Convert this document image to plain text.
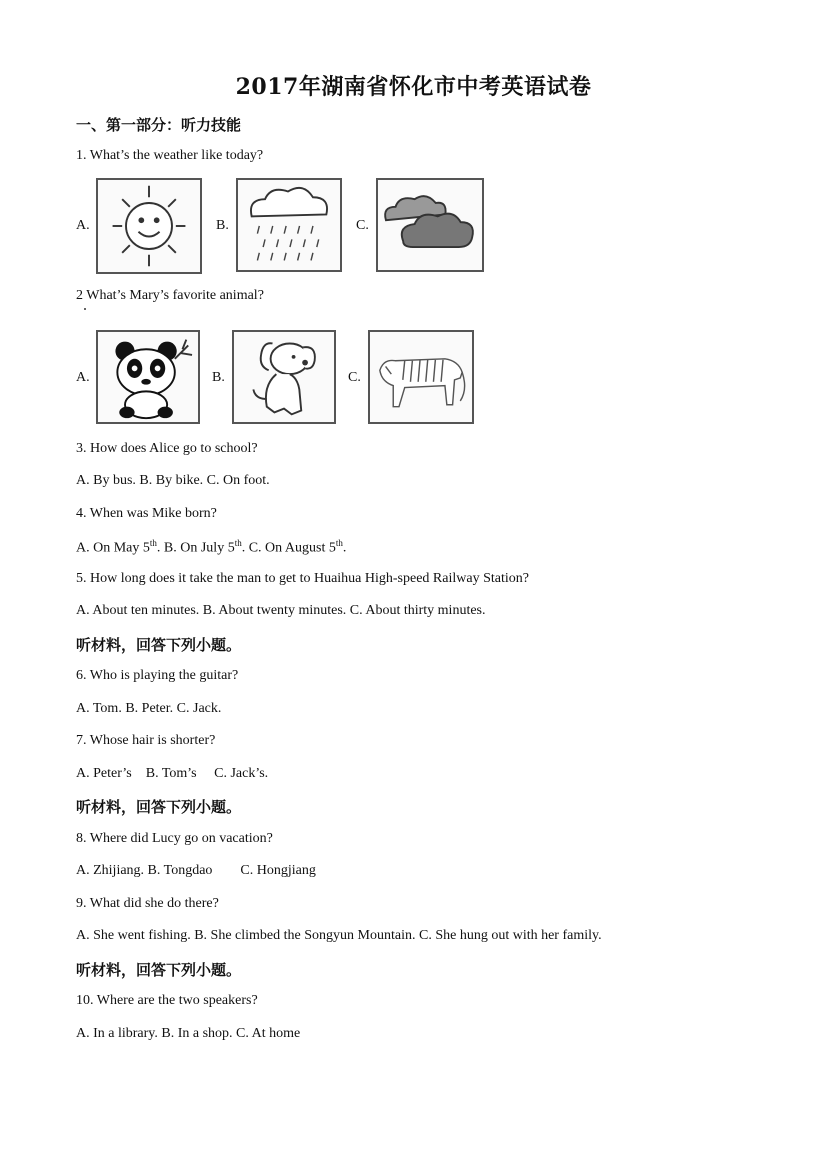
2017年湖南省怀化市中考英语试卷
一、第一部分：听力技能
1. What’s the weather like today?
A.	B.	C.
2 What’s Mary’s favorite animal?
A.	B.	C.
3. How does Alice go to school?
A. By bus. B. By bike. C. On foot.
4. When was Mike born?
A. On May 5th. B. On July 5th. C. On August 5th.
5. How long does it take the man to get to Huaihua High-speed Railway Station?
A. About ten minutes. B. About twenty minutes. C. About thirty minutes.
听材料，回答下列小题。
6. Who is playing the guitar?
A. Tom. B. Peter. C. Jack.
7. Whose hair is shorter?
A. Peter’s    B. Tom’s     C. Jack’s.
听材料，回答下列小题。
8. Where did Lucy go on vacation?
A. Zhijiang. B. Tongdao        C. Hongjiang
9. What did she do there?
A. She went fishing. B. She climbed the Songyun Mountain. C. She hung out with her family.
听材料，回答下列小题。
10. Where are the two speakers?
A. In a library. B. In a shop. C. At home
